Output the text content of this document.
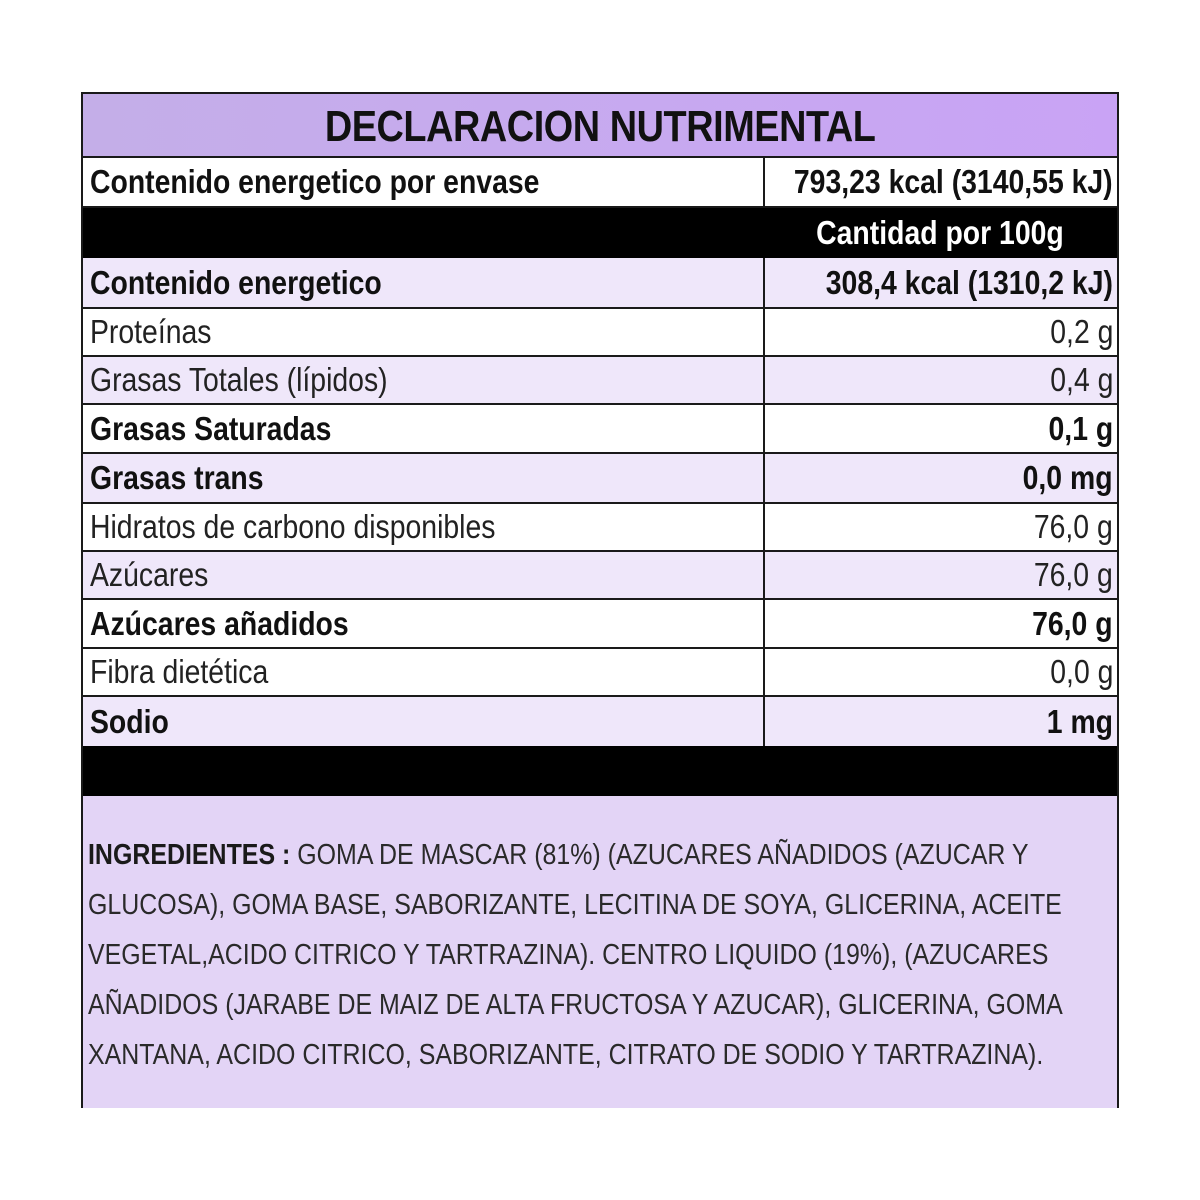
DECLARACION NUTRIMENTAL
Contenido energetico por envase	793,23 kcal (3140,55 kJ)
Cantidad por 100g
Contenido energetico	308,4 kcal (1310,2 kJ)
Proteínas	0,2 g
Grasas Totales (lípidos)	0,4 g
Grasas Saturadas	0,1 g
Grasas trans	0,0 mg
Hidratos de carbono disponibles	76,0 g
Azúcares	76,0 g
Azúcares añadidos	76,0 g
Fibra dietética	0,0 g
Sodio	1 mg
INGREDIENTES : GOMA DE MASCAR (81%) (AZUCARES AÑADIDOS (AZUCAR Y GLUCOSA), GOMA BASE, SABORIZANTE, LECITINA DE SOYA, GLICERINA, ACEITE VEGETAL,ACIDO CITRICO Y TARTRAZINA). CENTRO LIQUIDO (19%), (AZUCARES AÑADIDOS (JARABE DE MAIZ DE ALTA FRUCTOSA Y AZUCAR), GLICERINA, GOMA XANTANA, ACIDO CITRICO, SABORIZANTE, CITRATO DE SODIO Y TARTRAZINA).
